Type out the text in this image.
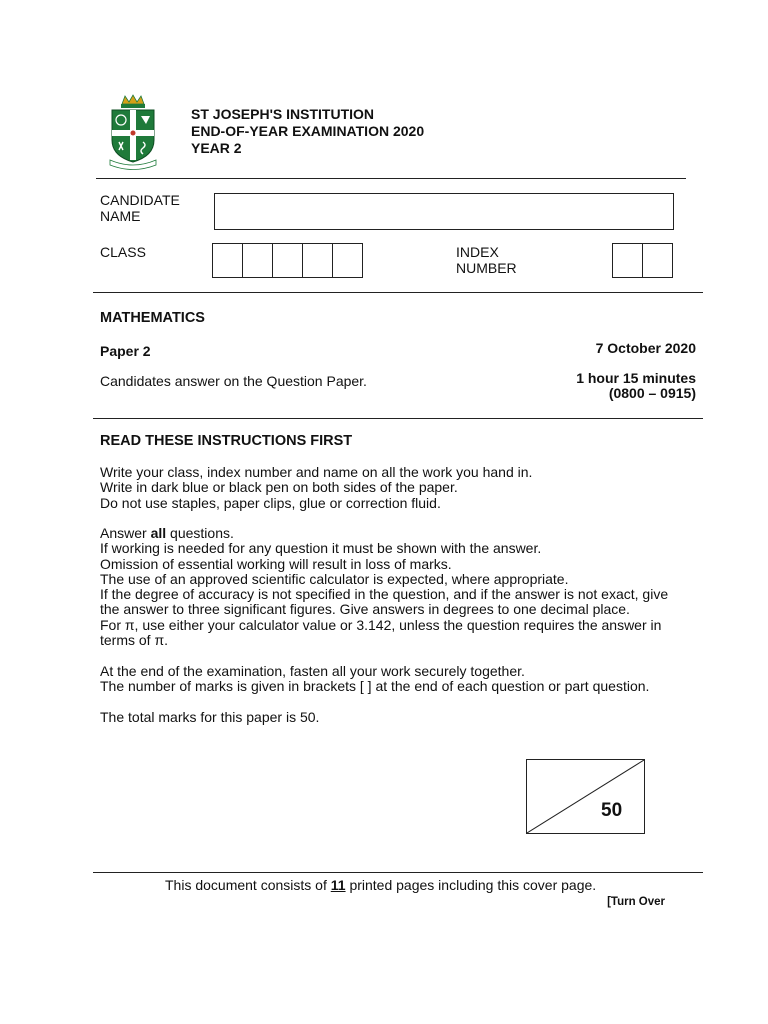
ST JOSEPH'S INSTITUTION
END-OF-YEAR EXAMINATION 2020
YEAR 2
CANDIDATE
NAME
CLASS	INDEX
NUMBER
MATHEMATICS
Paper 2	7 October 2020
Candidates answer on the Question Paper.	1 hour 15 minutes
(0800 – 0915)
READ THESE INSTRUCTIONS FIRST
Write your class, index number and name on all the work you hand in.
Write in dark blue or black pen on both sides of the paper.
Do not use staples, paper clips, glue or correction fluid.
Answer all questions.
If working is needed for any question it must be shown with the answer.
Omission of essential working will result in loss of marks.
The use of an approved scientific calculator is expected, where appropriate.
If the degree of accuracy is not specified in the question, and if the answer is not exact, give
the answer to three significant figures. Give answers in degrees to one decimal place.
For π, use either your calculator value or 3.142, unless the question requires the answer in
terms of π.
At the end of the examination, fasten all your work securely together.
The number of marks is given in brackets [ ] at the end of each question or part question.
The total marks for this paper is 50.
50
This document consists of 11 printed pages including this cover page.
[Turn Over
